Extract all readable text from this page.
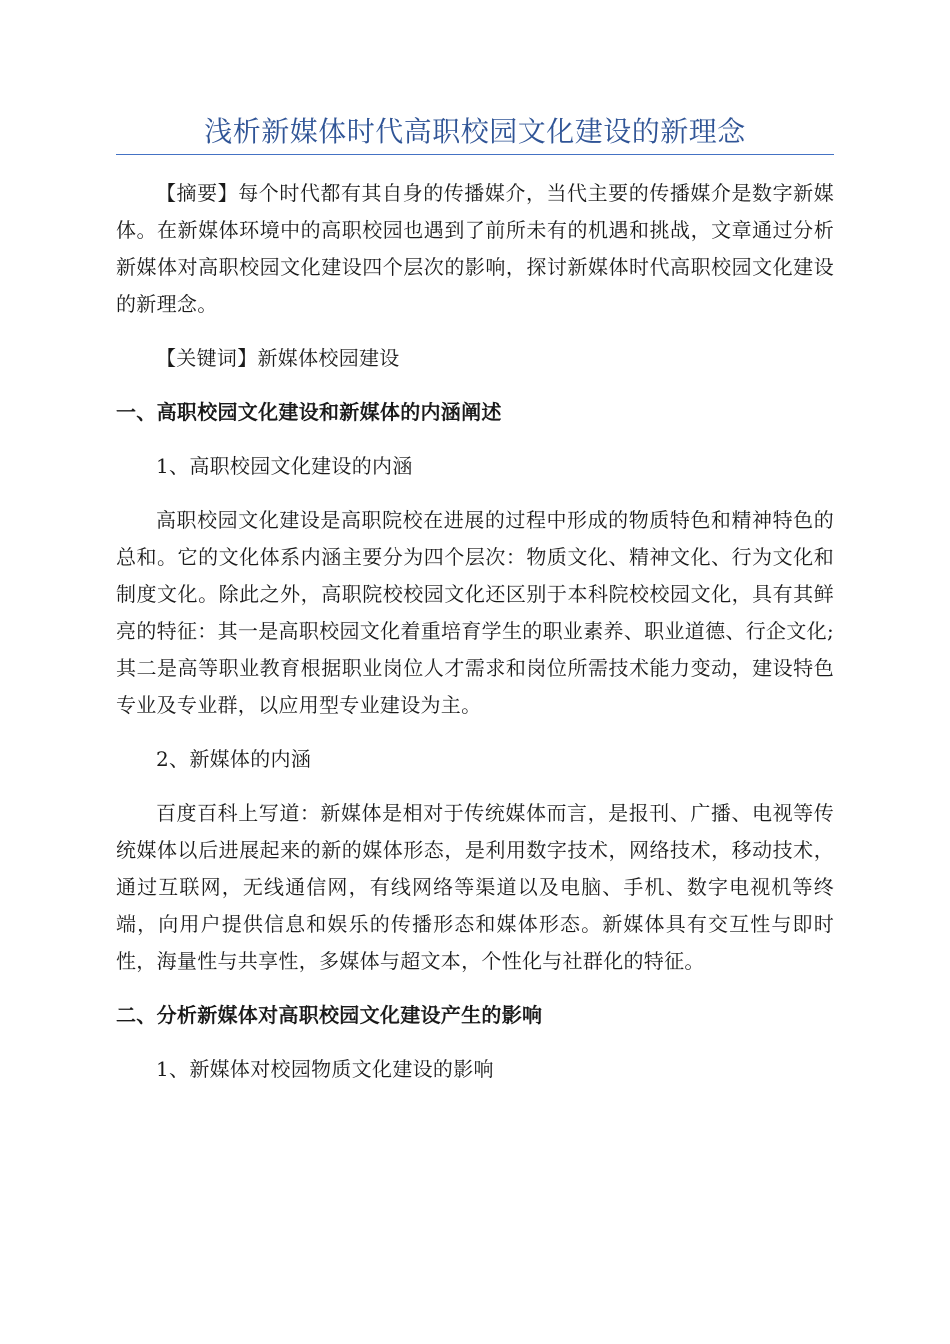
浅析新媒体时代高职校园文化建设的新理念

【摘要】每个时代都有其自身的传播媒介，当代主要的传播媒介是数字新媒体。在新媒体环境中的高职校园也遇到了前所未有的机遇和挑战，文章通过分析新媒体对高职校园文化建设四个层次的影响，探讨新媒体时代高职校园文化建设的新理念。

【关键词】新媒体校园建设

一、高职校园文化建设和新媒体的内涵阐述

1、高职校园文化建设的内涵

高职校园文化建设是高职院校在进展的过程中形成的物质特色和精神特色的总和。它的文化体系内涵主要分为四个层次：物质文化、精神文化、行为文化和制度文化。除此之外，高职院校校园文化还区别于本科院校校园文化，具有其鲜亮的特征：其一是高职校园文化着重培育学生的职业素养、职业道德、行企文化;其二是高等职业教育根据职业岗位人才需求和岗位所需技术能力变动，建设特色专业及专业群，以应用型专业建设为主。

2、新媒体的内涵

百度百科上写道：新媒体是相对于传统媒体而言，是报刊、广播、电视等传统媒体以后进展起来的新的媒体形态，是利用数字技术，网络技术，移动技术，通过互联网，无线通信网，有线网络等渠道以及电脑、手机、数字电视机等终端，向用户提供信息和娱乐的传播形态和媒体形态。新媒体具有交互性与即时性，海量性与共享性，多媒体与超文本，个性化与社群化的特征。

二、分析新媒体对高职校园文化建设产生的影响

1、新媒体对校园物质文化建设的影响
